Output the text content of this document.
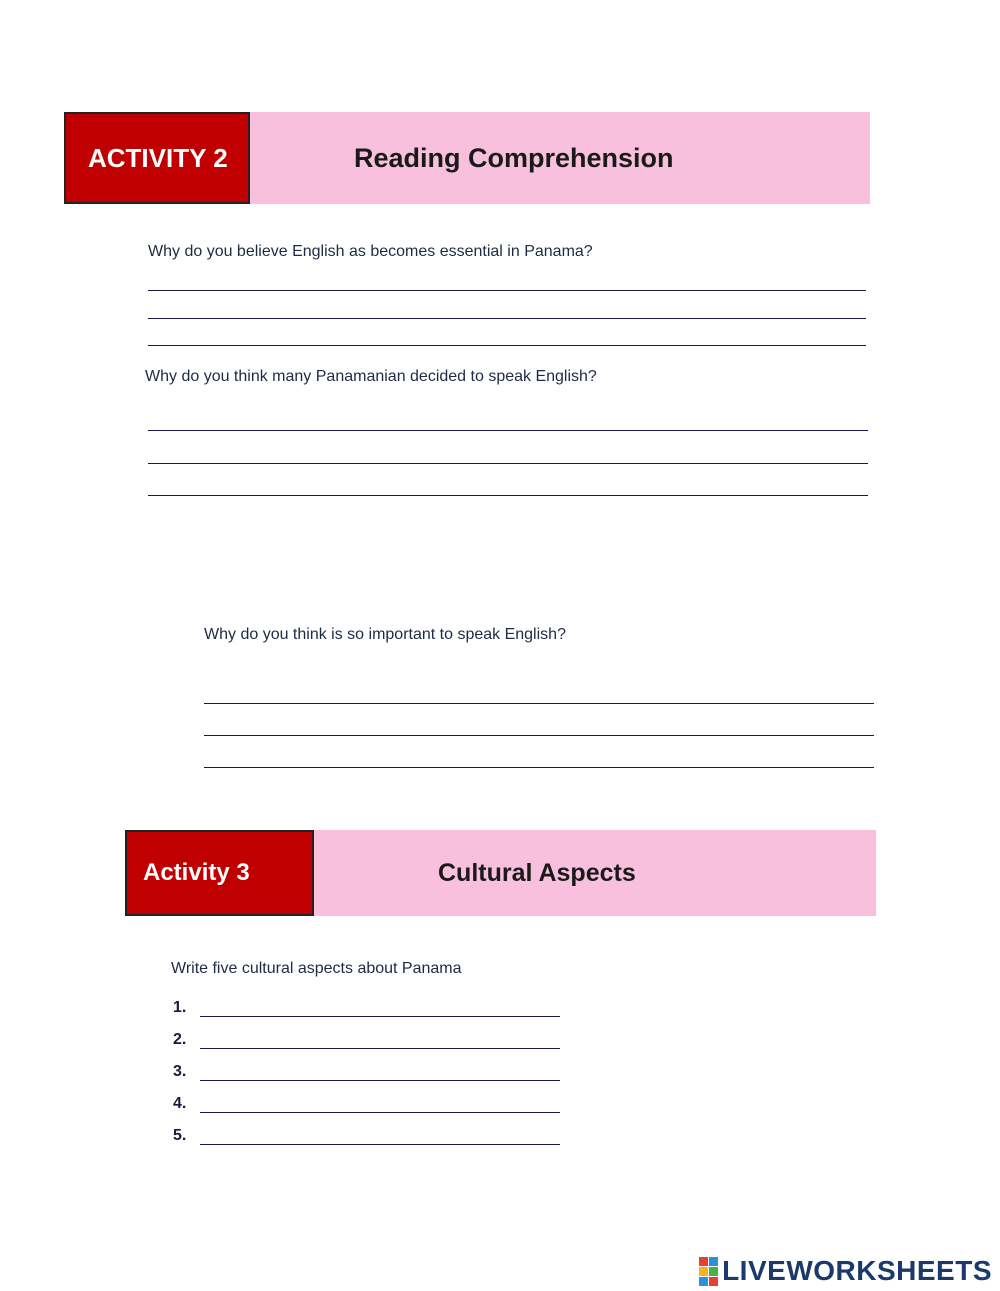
ACTIVITY 2	Reading Comprehension
Why do you believe English as becomes essential in Panama?
Why do you think many Panamanian decided to speak English?
Why do you think is so important to speak English?
Activity 3	Cultural Aspects
Write five cultural aspects about Panama
1.
2.
3.
4.
5.
LIVEWORKSHEETS
